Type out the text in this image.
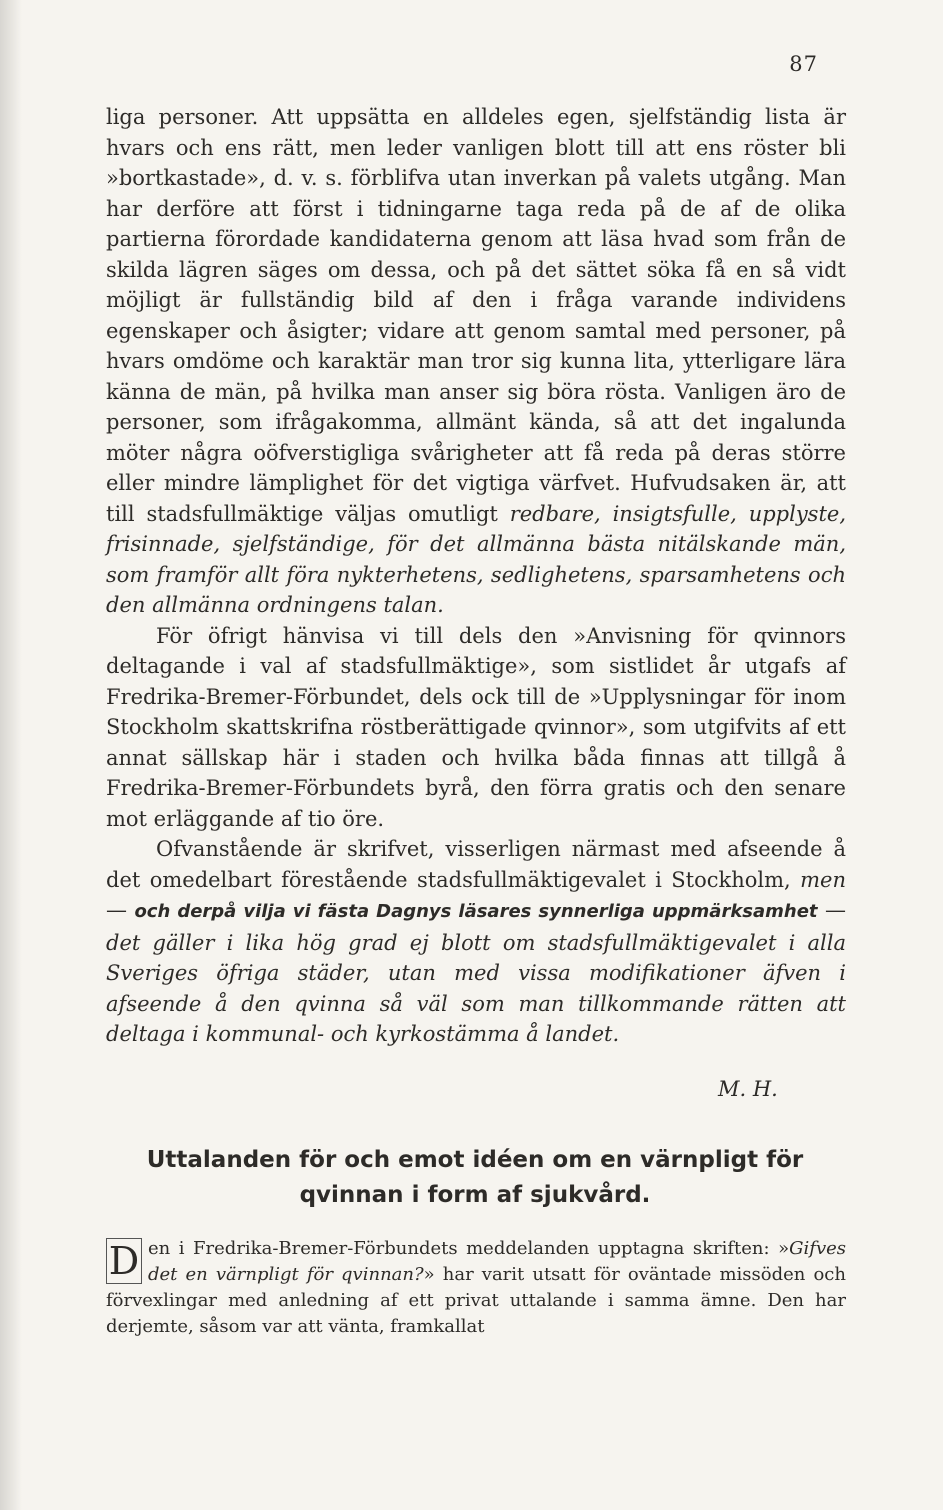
87

liga personer. Att uppsätta en alldeles egen, sjelfständig lista är hvars och ens rätt, men leder vanligen blott till att ens röster bli »bortkastade», d. v. s. förblifva utan inverkan på valets utgång. Man har derföre att först i tidningarne taga reda på de af de olika partierna förordade kandidaterna genom att läsa hvad som från de skilda lägren säges om dessa, och på det sättet söka få en så vidt möjligt är fullständig bild af den i fråga varande individens egenskaper och åsigter; vidare att genom samtal med personer, på hvars omdöme och karaktär man tror sig kunna lita, ytterligare lära känna de män, på hvilka man anser sig böra rösta. Vanligen äro de personer, som ifrågakomma, allmänt kända, så att det ingalunda möter några oöfverstigliga svårigheter att få reda på deras större eller mindre lämplighet för det vigtiga värfvet. Hufvudsaken är, att till stadsfullmäktige väljas omutligt redbare, insigtsfulle, upplyste, frisinnade, sjelfständige, för det allmänna bästa nitälskande män, som framför allt föra nykterhetens, sedlighetens, sparsamhetens och den allmänna ordningens talan.

För öfrigt hänvisa vi till dels den »Anvisning för qvinnors deltagande i val af stadsfullmäktige», som sistlidet år utgafs af Fredrika-Bremer-Förbundet, dels ock till de »Upplysningar för inom Stockholm skattskrifna röstberättigade qvinnor», som utgifvits af ett annat sällskap här i staden och hvilka båda finnas att tillgå å Fredrika-Bremer-Förbundets byrå, den förra gratis och den senare mot erläggande af tio öre.

Ofvanstående är skrifvet, visserligen närmast med afseende å det omedelbart förestående stadsfullmäktigevalet i Stockholm, men — och derpå vilja vi fästa Dagnys läsares synnerliga uppmärksamhet — det gäller i lika hög grad ej blott om stadsfullmäktigevalet i alla Sveriges öfriga städer, utan med vissa modifikationer äfven i afseende å den qvinna så väl som man tillkommande rätten att deltaga i kommunal- och kyrkostämma å landet.

M. H.
Uttalanden för och emot idéen om en värnpligt för
qvinnan i form af sjukvård.

D en i Fredrika-Bremer-Förbundets meddelanden upptagna skriften: »Gifves det en värnpligt för qvinnan?» har varit utsatt för oväntade missöden och förvexlingar med anledning af ett privat uttalande i samma ämne. Den har derjemte, såsom var att vänta, framkallat
